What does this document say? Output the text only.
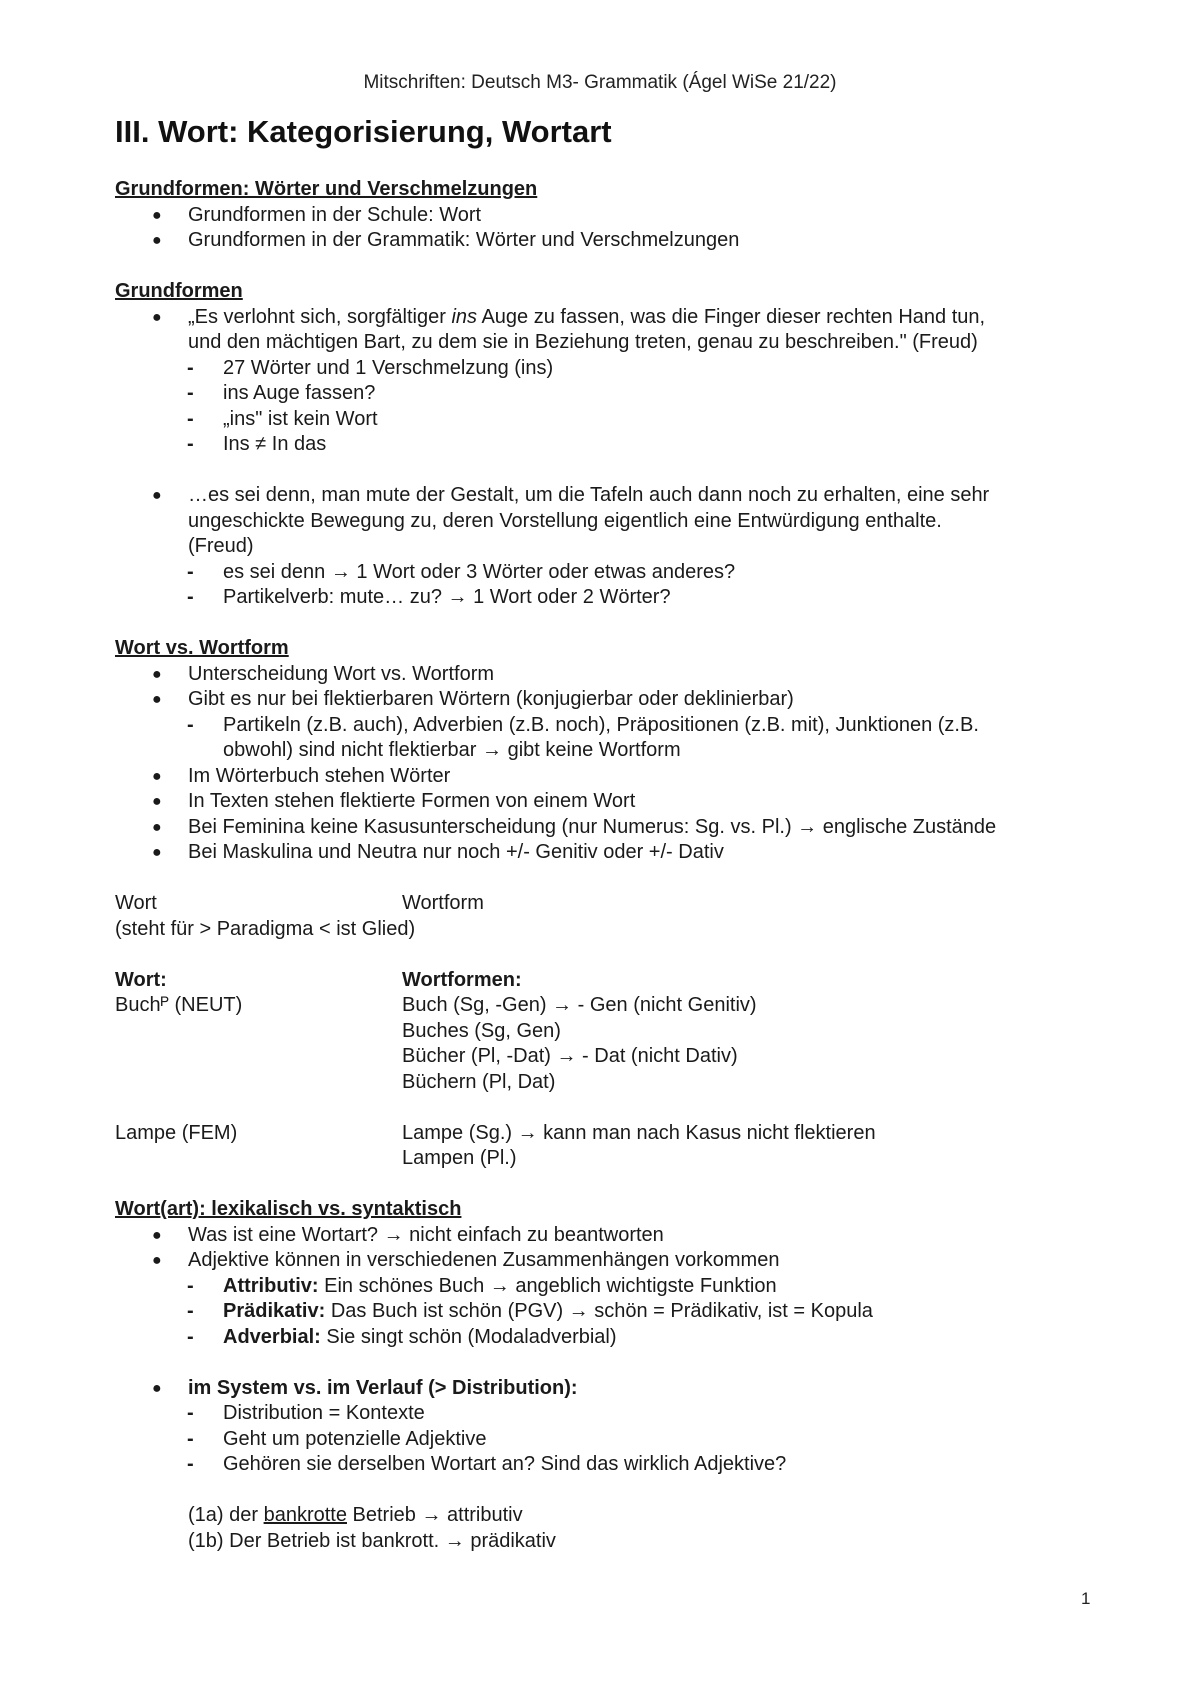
Mitschriften: Deutsch M3- Grammatik (Ágel WiSe 21/22)
III. Wort: Kategorisierung, Wortart
Grundformen: Wörter und Verschmelzungen
● Grundformen in der Schule: Wort
● Grundformen in der Grammatik: Wörter und Verschmelzungen
Grundformen
● „Es verlohnt sich, sorgfältiger ins Auge zu fassen, was die Finger dieser rechten Hand tun,
und den mächtigen Bart, zu dem sie in Beziehung treten, genau zu beschreiben." (Freud)
- 27 Wörter und 1 Verschmelzung (ins)
- ins Auge fassen?
- „ins" ist kein Wort
- Ins ≠ In das
● …es sei denn, man mute der Gestalt, um die Tafeln auch dann noch zu erhalten, eine sehr
ungeschickte Bewegung zu, deren Vorstellung eigentlich eine Entwürdigung enthalte.
(Freud)
- es sei denn → 1 Wort oder 3 Wörter oder etwas anderes?
- Partikelverb: mute… zu? → 1 Wort oder 2 Wörter?
Wort vs. Wortform
● Unterscheidung Wort vs. Wortform
● Gibt es nur bei flektierbaren Wörtern (konjugierbar oder deklinierbar)
- Partikeln (z.B. auch), Adverbien (z.B. noch), Präpositionen (z.B. mit), Junktionen (z.B.
obwohl) sind nicht flektierbar → gibt keine Wortform
● Im Wörterbuch stehen Wörter
● In Texten stehen flektierte Formen von einem Wort
● Bei Feminina keine Kasusunterscheidung (nur Numerus: Sg. vs. Pl.) → englische Zustände
● Bei Maskulina und Neutra nur noch +/- Genitiv oder +/- Dativ
Wort	Wortform
(steht für > Paradigma < ist Glied)
Wort:	Wortformen:
Buchᴾ (NEUT)	Buch (Sg, -Gen) → - Gen (nicht Genitiv)
Buches (Sg, Gen)
Bücher (Pl, -Dat) → - Dat (nicht Dativ)
Büchern (Pl, Dat)
Lampe (FEM)	Lampe (Sg.) → kann man nach Kasus nicht flektieren
Lampen (Pl.)
Wort(art): lexikalisch vs. syntaktisch
● Was ist eine Wortart? → nicht einfach zu beantworten
● Adjektive können in verschiedenen Zusammenhängen vorkommen
- Attributiv: Ein schönes Buch → angeblich wichtigste Funktion
- Prädikativ: Das Buch ist schön (PGV) → schön = Prädikativ, ist = Kopula
- Adverbial: Sie singt schön (Modaladverbial)
● im System vs. im Verlauf (> Distribution):
- Distribution = Kontexte
- Geht um potenzielle Adjektive
- Gehören sie derselben Wortart an? Sind das wirklich Adjektive?
(1a) der bankrotte Betrieb → attributiv
(1b) Der Betrieb ist bankrott. → prädikativ
1
